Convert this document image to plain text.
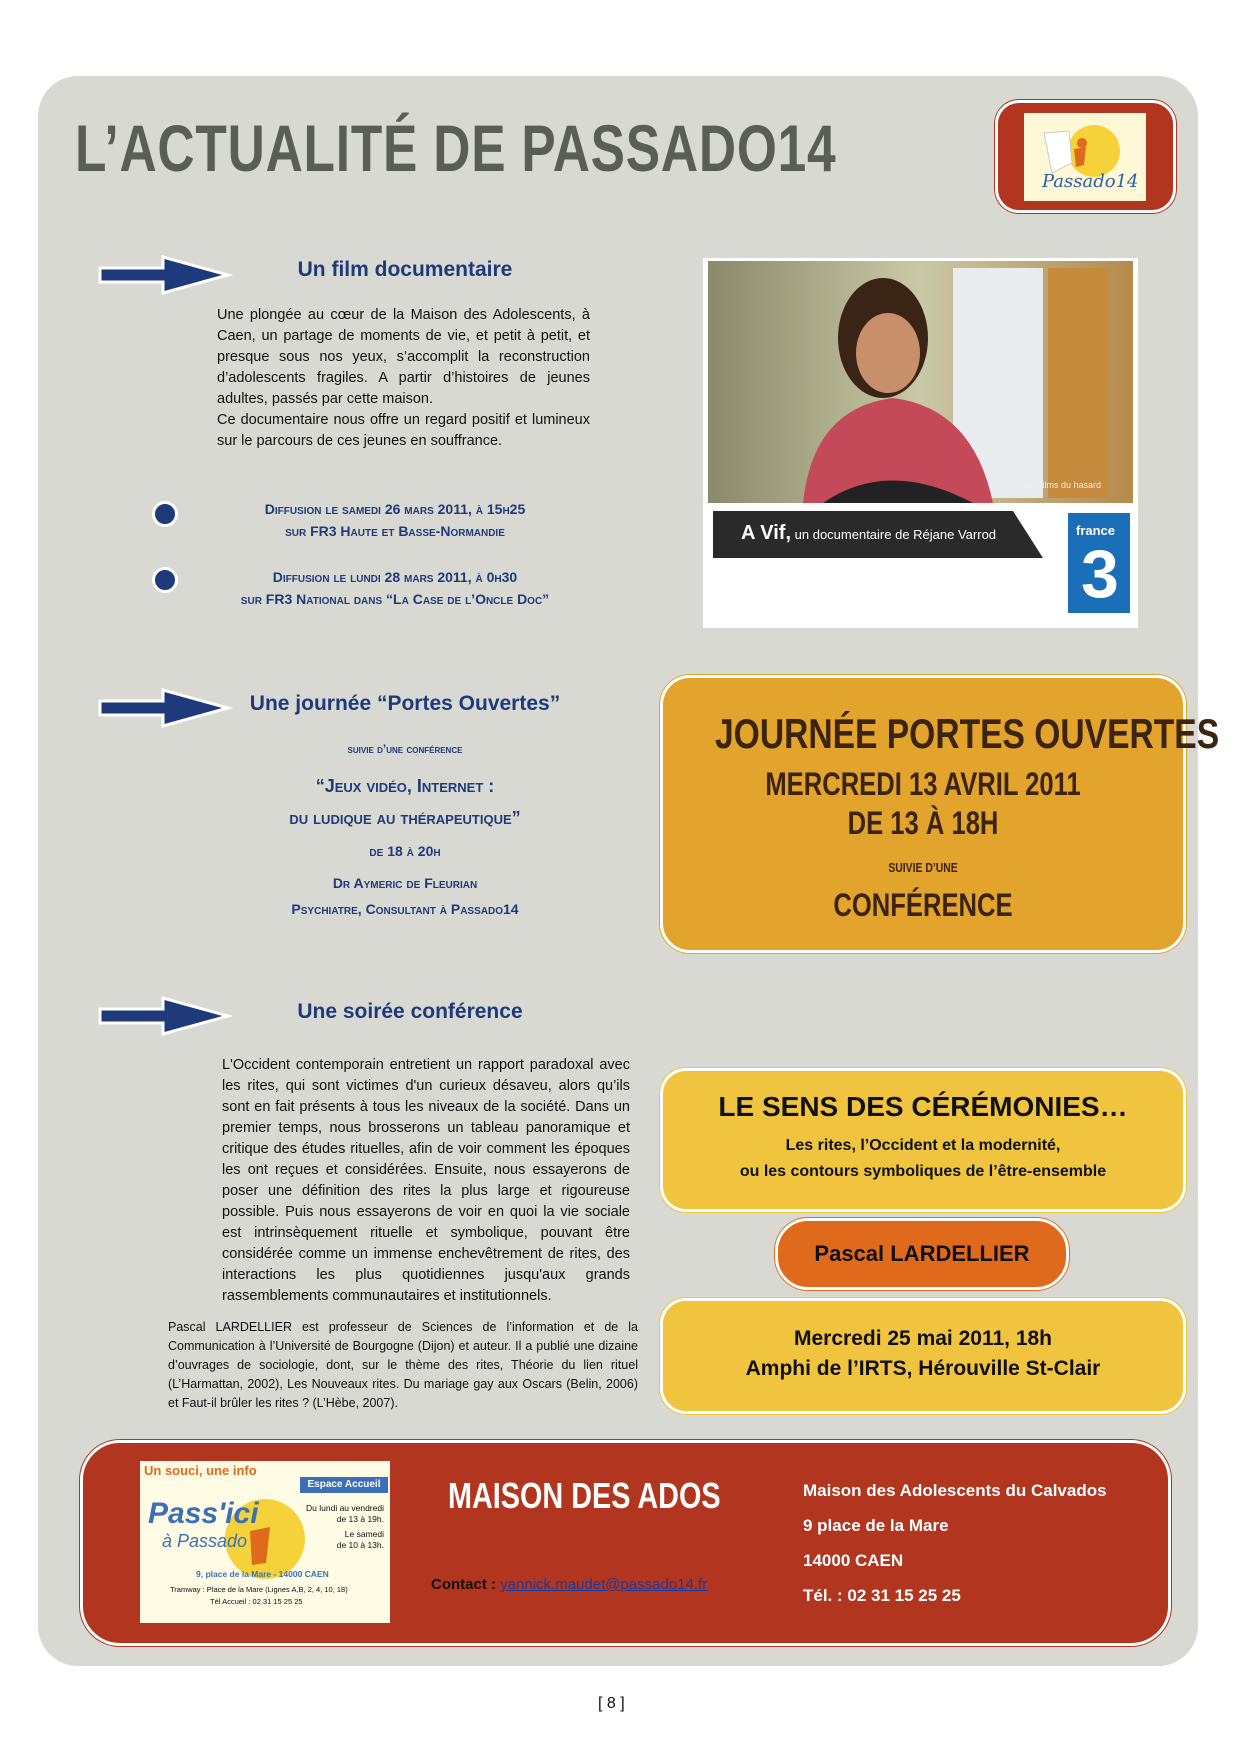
L’ACTUALITÉ DE PASSADO14	Passado14
Un film documentaire
Une plongée au cœur de la Maison des Adolescents, à Caen, un partage de moments de vie, et petit à petit, et presque sous nos yeux, s’accomplit la reconstruction d’adolescents fragiles. A partir d’histoires de jeunes adultes, passés par cette maison.
Ce documentaire nous offre un regard positif et lumineux sur le parcours de ces jeunes en souffrance.
Diffusion le samedi 26 mars 2011, à 15h25
sur FR3 Haute et Basse-Normandie
Diffusion le lundi 28 mars 2011, à 0h30
sur FR3 National dans “La Case de l’Oncle Doc”
A Vif, un documentaire de Réjane Varrod
Les films du hasard
france
3
Une journée “Portes Ouvertes”
suivie d’une conférence
“Jeux vidéo, Internet :
du ludique au thérapeutique”
de 18 à 20h
Dr Aymeric de Fleurian
Psychiatre, Consultant à Passado14
JOURNÉE PORTES OUVERTES
MERCREDI 13 AVRIL 2011
DE 13 À 18H
SUIVIE D’UNE
CONFÉRENCE
Une soirée conférence
L'Occident contemporain entretient un rapport paradoxal avec les rites, qui sont victimes d'un curieux désaveu, alors qu’ils sont en fait présents à tous les niveaux de la société. Dans un premier temps, nous brosserons un tableau panoramique et critique des études rituelles, afin de voir comment les époques les ont reçues et considérées. Ensuite, nous essayerons de poser une définition des rites la plus large et rigoureuse possible. Puis nous essayerons de voir en quoi la vie sociale est intrinsèquement rituelle et symbolique, pouvant être considérée comme un immense enchevêtrement de rites, des interactions les plus quotidiennes jusqu'aux grands rassemblements communautaires et institutionnels.
Pascal LARDELLIER est professeur de Sciences de l’information et de la Communication à l’Université de Bourgogne (Dijon) et auteur. Il a publié une dizaine d’ouvrages de sociologie, dont, sur le thème des rites, Théorie du lien rituel (L’Harmattan, 2002), Les Nouveaux rites. Du mariage gay aux Oscars (Belin, 2006) et Faut-il brûler les rites ? (L’Hèbe, 2007).
LE SENS DES CÉRÉMONIES…
Les rites, l’Occident et la modernité,
ou les contours symboliques de l’être-ensemble
Pascal LARDELLIER
Mercredi 25 mai 2011, 18h
Amphi de l’IRTS, Hérouville St-Clair
Un souci, une info
Espace Accueil
Pass'ici
à Passado
Du lundi au vendredi
de 13 à 19h.
Le samedi
de 10 à 13h.
9, place de la Mare - 14000 CAEN
Tramway : Place de la Mare (Lignes A,B, 2, 4, 10, 18)
Tél Accueil : 02 31 15 25 25
MAISON DES ADOS
Contact : yannick.maudet@passado14.fr
Maison des Adolescents du Calvados
9 place de la Mare
14000 CAEN
Tél. : 02 31 15 25 25
[ 8 ]
